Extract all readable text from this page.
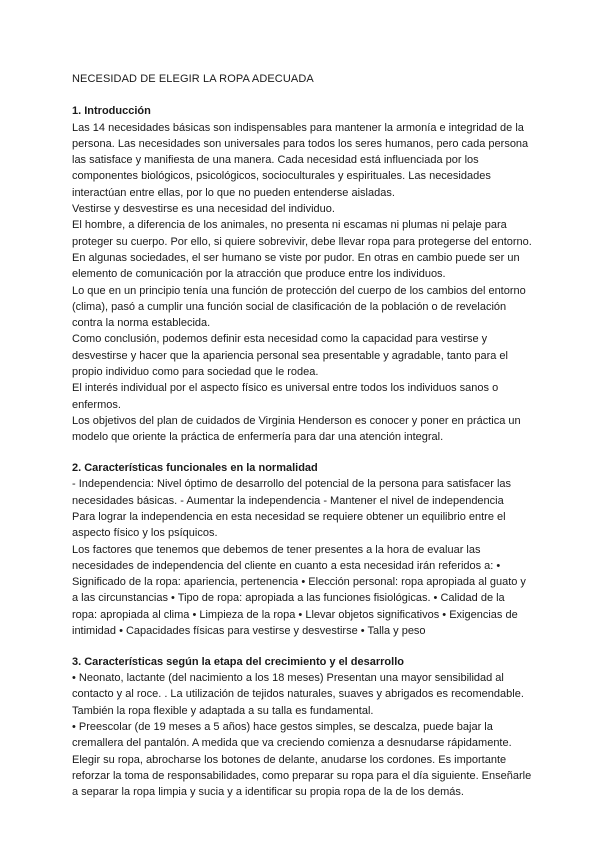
NECESIDAD DE ELEGIR LA ROPA ADECUADA
1. Introducción

Las 14 necesidades básicas son indispensables para mantener la armonía e integridad de la persona. Las necesidades son universales para todos los seres humanos, pero cada persona las satisface y manifiesta de una manera. Cada necesidad está influenciada por los componentes biológicos, psicológicos, socioculturales y espirituales. Las necesidades interactúan entre ellas, por lo que no pueden entenderse aisladas.

Vestirse y desvestirse es una necesidad del individuo.

El hombre, a diferencia de los animales, no presenta ni escamas ni plumas ni pelaje para proteger su cuerpo. Por ello, si quiere sobrevivir, debe llevar ropa para protegerse del entorno.

En algunas sociedades, el ser humano se viste por pudor. En otras en cambio puede ser un elemento de comunicación por la atracción que produce entre los individuos.

Lo que en un principio tenía una función de protección del cuerpo de los cambios del entorno (clima), pasó a cumplir una función social de clasificación de la población o de revelación contra la norma establecida.

Como conclusión, podemos definir esta necesidad como la capacidad para vestirse y desvestirse y hacer que la apariencia personal sea presentable y agradable, tanto para el propio individuo como para sociedad que le rodea.

El interés individual por el aspecto físico es universal entre todos los individuos sanos o enfermos.

Los objetivos del plan de cuidados de Virginia Henderson es conocer y poner en práctica un modelo que oriente la práctica de enfermería para dar una atención integral.

2. Características funcionales en la normalidad

- Independencia: Nivel óptimo de desarrollo del potencial de la persona para satisfacer las necesidades básicas. - Aumentar la independencia - Mantener el nivel de independencia

Para lograr la independencia en esta necesidad se requiere obtener un equilibrio entre el aspecto físico y los psíquicos.

Los factores que tenemos que debemos de tener presentes a la hora de evaluar las necesidades de independencia del cliente en cuanto a esta necesidad irán referidos a: • Significado de la ropa: apariencia, pertenencia • Elección personal: ropa apropiada al guato y a las circunstancias • Tipo de ropa: apropiada a las funciones fisiológicas. • Calidad de la ropa: apropiada al clima • Limpieza de la ropa • Llevar objetos significativos • Exigencias de intimidad • Capacidades físicas para vestirse y desvestirse • Talla y peso

3. Características según la etapa del crecimiento y el desarrollo

• Neonato, lactante (del nacimiento a los 18 meses) Presentan una mayor sensibilidad al contacto y al roce. . La utilización de tejidos naturales, suaves y abrigados es recomendable. También la ropa flexible y adaptada a su talla es fundamental.

• Preescolar (de 19 meses a 5 años) hace gestos simples, se descalza, puede bajar la cremallera del pantalón. A medida que va creciendo comienza a desnudarse rápidamente. Elegir su ropa, abrocharse los botones de delante, anudarse los cordones. Es importante reforzar la toma de responsabilidades, como preparar su ropa para el día siguiente. Enseñarle a separar la ropa limpia y sucia y a identificar su propia ropa de la de los demás.
